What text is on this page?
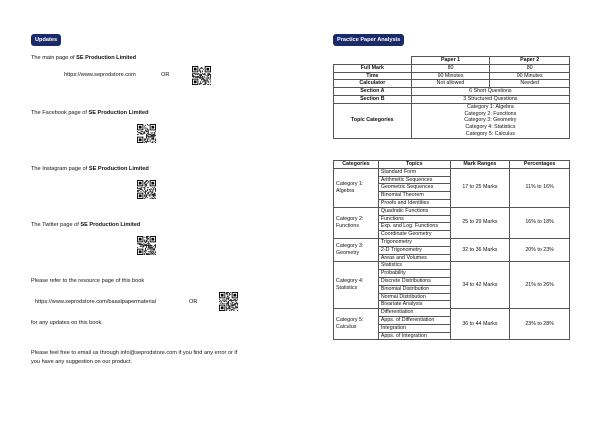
Updates
The main page of SE Production Limited
https://www.seprodstore.com	OR
The Facebook page of SE Production Limited
The Instagram page of SE Production Limited
The Twitter page of SE Production Limited
Please refer to the resource page of this book
https://www.seprodstore.com/baaslpapermaterial	OR
for any updates on this book.
Please feel free to email us through info@seprodstore.com if you find any error or if
you have any suggestion on our product.
Practice Paper Analysis
	Paper 1	Paper 2
Full Mark	80	80
Time	90 Minutes	90 Minutes
Calculator	Not allowed	Needed
Section A	6 Short Questions	
Section B	3 Structured Questions	
Topic Categories	Category 1: Algebra
Category 2: Functions
Category 3: Geometry
Category 4: Statistics
Category 5: Calculus	
Categories	Topics	Mark Ranges	Percentages

Category 1:
Algebra	Standard Form	17 to 25 Marks	11% to 16%
	Arithmetic Sequences		
	Geometric Sequences		
	Binomial Theorem		
	Proofs and Identities		

Category 2:
Functions	Quadratic Functions	25 to 29 Marks	16% to 18%
	Functions		
	Exp. and Log. Functions		
	Coordinate Geometry		

Category 3:
Geometry	Trigonometry	32 to 36 Marks	20% to 23%
	2-D Trigonometry		
	Areas and Volumes		

Category 4:
Statistics	Statistics	34 to 42 Marks	21% to 26%
	Probability		
	Discrete Distributions		
	Binomial Distribution		
	Normal Distribution		
	Bivariate Analysis		

Category 5:
Calculus	Differentiation	36 to 44 Marks	23% to 28%
	Apps. of Differentiation		
	Integration		
	Apps. of Integration		
